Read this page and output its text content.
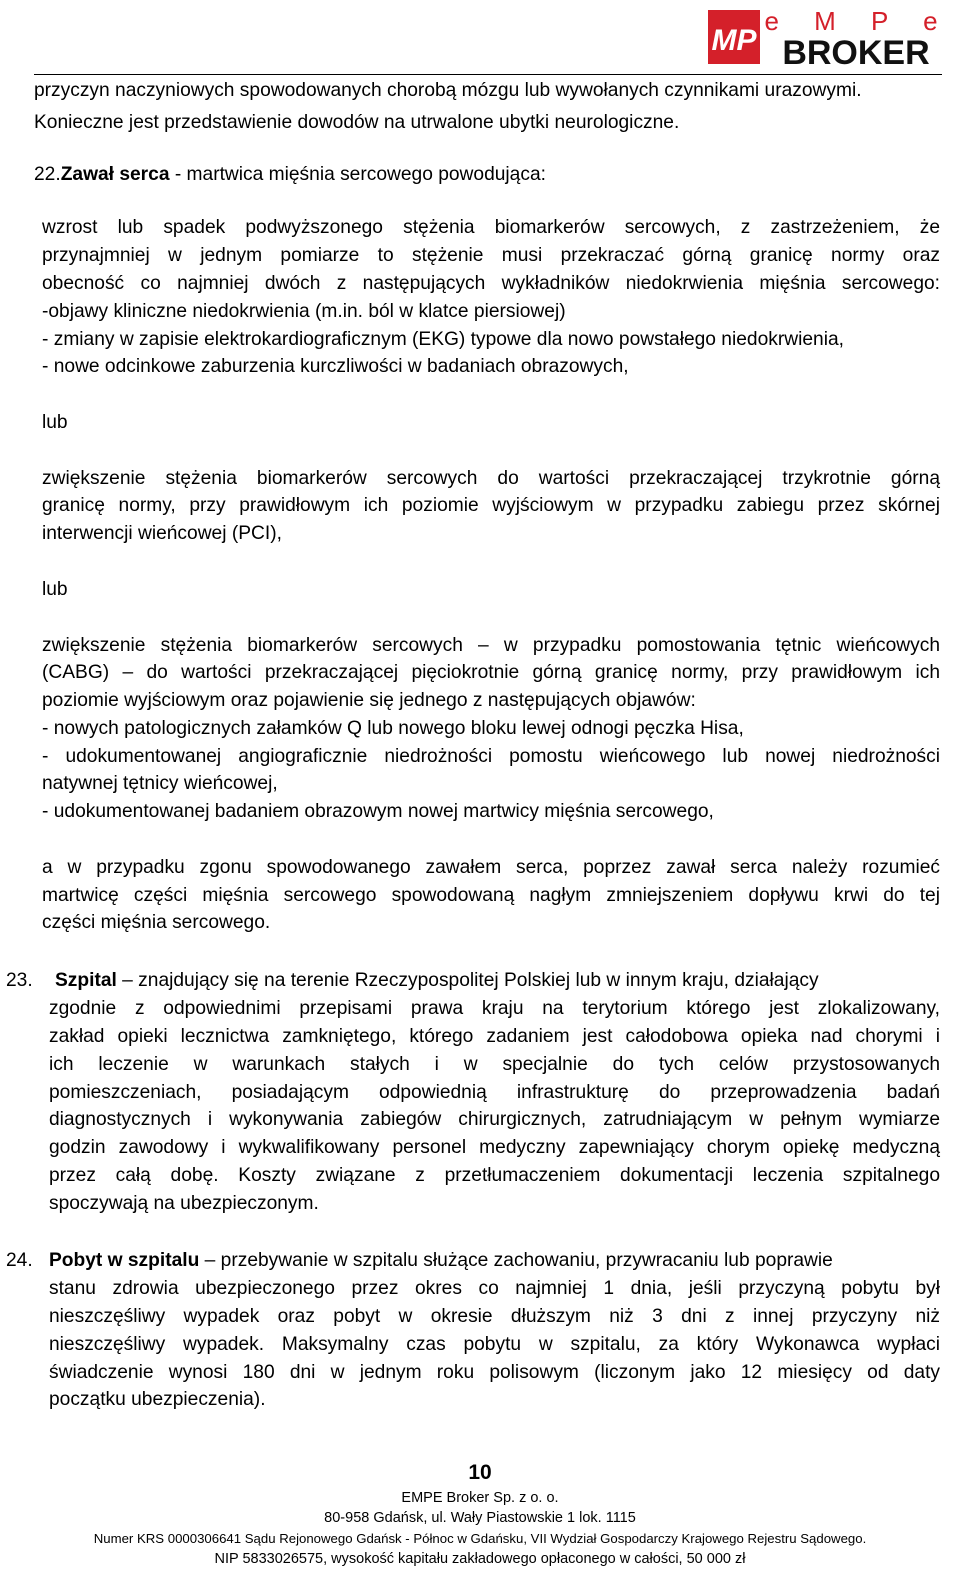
MP
e M P e
BROKER
przyczyn naczyniowych spowodowanych chorobą mózgu lub wywołanych czynnikami urazowymi.
Konieczne jest przedstawienie dowodów na utrwalone ubytki neurologiczne.
22.Zawał serca - martwica mięśnia sercowego powodująca:
wzrost lub spadek podwyższonego stężenia biomarkerów sercowych, z zastrzeżeniem, że
przynajmniej w jednym pomiarze to stężenie musi przekraczać górną granicę normy oraz
obecność co najmniej dwóch z następujących wykładników niedokrwienia mięśnia sercowego:
-objawy kliniczne niedokrwienia (m.in. ból w klatce piersiowej)
- zmiany w zapisie elektrokardiograficznym (EKG) typowe dla nowo powstałego niedokrwienia,
- nowe odcinkowe zaburzenia kurczliwości w badaniach obrazowych,
lub
zwiększenie stężenia biomarkerów sercowych do wartości przekraczającej trzykrotnie górną
granicę normy, przy prawidłowym ich poziomie wyjściowym w przypadku zabiegu przez skórnej
interwencji wieńcowej (PCI),
lub
zwiększenie stężenia biomarkerów sercowych – w przypadku pomostowania tętnic wieńcowych
(CABG) – do wartości przekraczającej pięciokrotnie górną granicę normy, przy prawidłowym ich
poziomie wyjściowym oraz pojawienie się jednego z następujących objawów:
- nowych patologicznych załamków Q lub nowego bloku lewej odnogi pęczka Hisa,
- udokumentowanej angiograficznie niedrożności pomostu wieńcowego lub nowej niedrożności
natywnej tętnicy wieńcowej,
- udokumentowanej badaniem obrazowym nowej martwicy mięśnia sercowego,
a w przypadku zgonu spowodowanego zawałem serca, poprzez zawał serca należy rozumieć
martwicę części mięśnia sercowego spowodowaną nagłym zmniejszeniem dopływu krwi do tej
części mięśnia sercowego.
23. Szpital – znajdujący się na terenie Rzeczypospolitej Polskiej lub w innym kraju, działający
zgodnie z odpowiednimi przepisami prawa kraju na terytorium którego jest zlokalizowany,
zakład opieki lecznictwa zamkniętego, którego zadaniem jest całodobowa opieka nad chorymi i
ich leczenie w warunkach stałych i w specjalnie do tych celów przystosowanych
pomieszczeniach, posiadającym odpowiednią infrastrukturę do przeprowadzenia badań
diagnostycznych i wykonywania zabiegów chirurgicznych, zatrudniającym w pełnym wymiarze
godzin zawodowy i wykwalifikowany personel medyczny zapewniający chorym opiekę medyczną
przez całą dobę. Koszty związane z przetłumaczeniem dokumentacji leczenia szpitalnego
spoczywają na ubezpieczonym.
24. Pobyt w szpitalu – przebywanie w szpitalu służące zachowaniu, przywracaniu lub poprawie
stanu zdrowia ubezpieczonego przez okres co najmniej 1 dnia, jeśli przyczyną pobytu był
nieszczęśliwy wypadek oraz pobyt w okresie dłuższym niż 3 dni z innej przyczyny niż
nieszczęśliwy wypadek. Maksymalny czas pobytu w szpitalu, za który Wykonawca wypłaci
świadczenie wynosi 180 dni w jednym roku polisowym (liczonym jako 12 miesięcy od daty
początku ubezpieczenia).
10
EMPE Broker Sp. z o. o.
80-958 Gdańsk, ul. Wały Piastowskie 1 lok. 1115
Numer KRS 0000306641 Sądu Rejonowego Gdańsk - Północ w Gdańsku, VII Wydział Gospodarczy Krajowego Rejestru Sądowego.
NIP 5833026575, wysokość kapitału zakładowego opłaconego w całości, 50 000 zł
